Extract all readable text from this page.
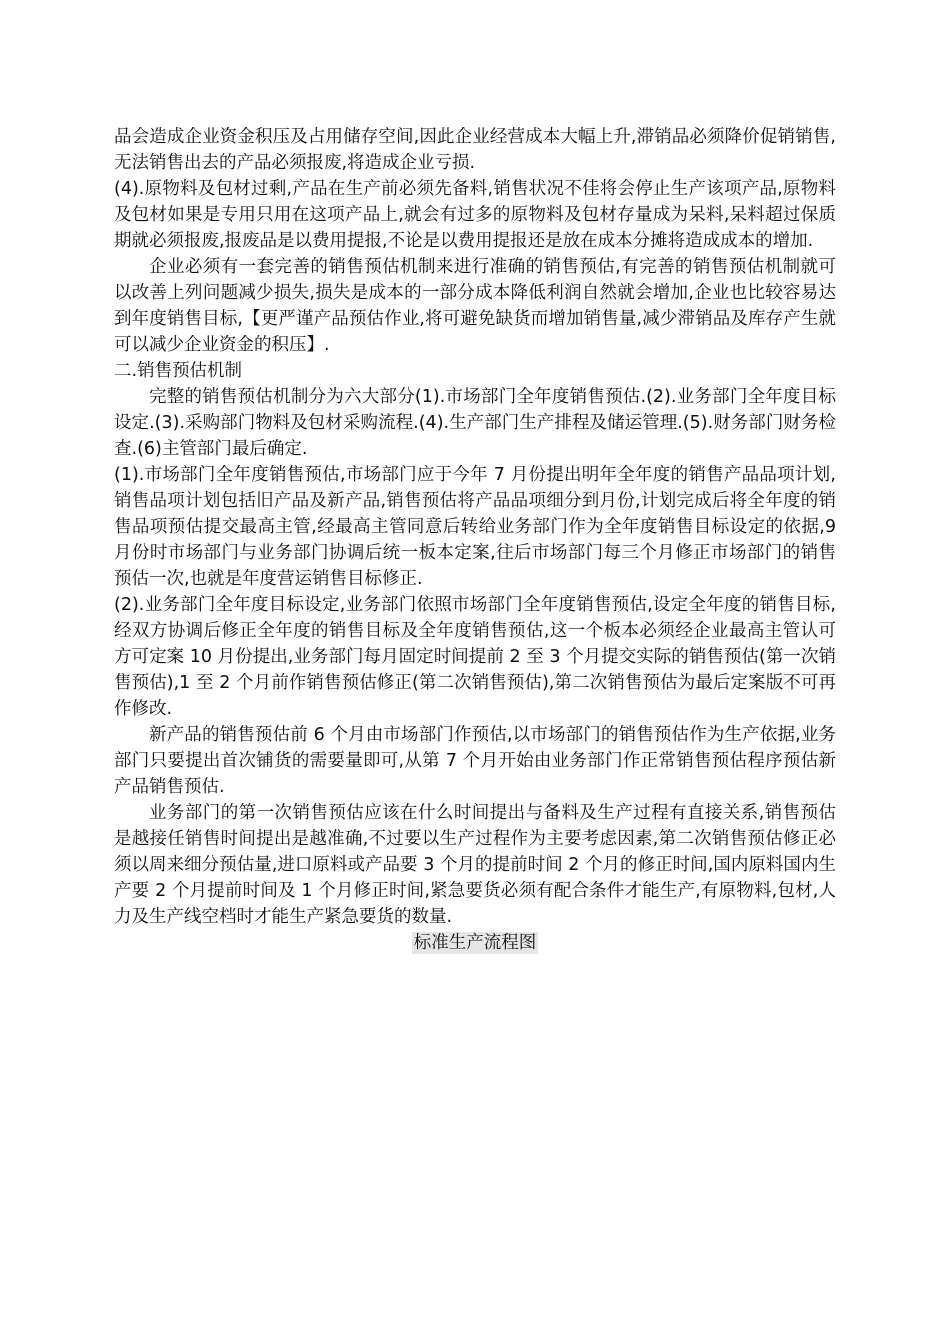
品会造成企业资金积压及占用储存空间,因此企业经营成本大幅上升,滞销品必须降价促销销售,无法销售出去的产品必须报废,将造成企业亏损.

(4).原物料及包材过剩,产品在生产前必须先备料,销售状况不佳将会停止生产该项产品,原物料及包材如果是专用只用在这项产品上,就会有过多的原物料及包材存量成为呆料,呆料超过保质期就必须报废,报废品是以费用提报,不论是以费用提报还是放在成本分摊将造成成本的增加.

企业必须有一套完善的销售预估机制来进行准确的销售预估,有完善的销售预估机制就可以改善上列问题减少损失,损失是成本的一部分成本降低利润自然就会增加,企业也比较容易达到年度销售目标,【更严谨产品预估作业,将可避免缺货而增加销售量,减少滞销品及库存产生就可以减少企业资金的积压】.

二.销售预估机制

完整的销售预估机制分为六大部分(1).市场部门全年度销售预估.(2).业务部门全年度目标设定.(3).采购部门物料及包材采购流程.(4).生产部门生产排程及储运管理.(5).财务部门财务检查.(6)主管部门最后确定.

(1).市场部门全年度销售预估,市场部门应于今年 7 月份提出明年全年度的销售产品品项计划,销售品项计划包括旧产品及新产品,销售预估将产品品项细分到月份,计划完成后将全年度的销售品项预估提交最高主管,经最高主管同意后转给业务部门作为全年度销售目标设定的依据,9 月份时市场部门与业务部门协调后统一板本定案,往后市场部门每三个月修正市场部门的销售预估一次,也就是年度营运销售目标修正.

(2).业务部门全年度目标设定,业务部门依照市场部门全年度销售预估,设定全年度的销售目标,经双方协调后修正全年度的销售目标及全年度销售预估,这一个板本必须经企业最高主管认可方可定案 10 月份提出,业务部门每月固定时间提前 2 至 3 个月提交实际的销售预估(第一次销售预估),1 至 2 个月前作销售预估修正(第二次销售预估),第二次销售预估为最后定案版不可再作修改.

新产品的销售预估前 6 个月由市场部门作预估,以市场部门的销售预估作为生产依据,业务部门只要提出首次铺货的需要量即可,从第 7 个月开始由业务部门作正常销售预估程序预估新产品销售预估.

业务部门的第一次销售预估应该在什么时间提出与备料及生产过程有直接关系,销售预估是越接任销售时间提出是越准确,不过要以生产过程作为主要考虑因素,第二次销售预估修正必须以周来细分预估量,进口原料或产品要 3 个月的提前时间 2 个月的修正时间,国内原料国内生产要 2 个月提前时间及 1 个月修正时间,紧急要货必须有配合条件才能生产,有原物料,包材,人力及生产线空档时才能生产紧急要货的数量.

标准生产流程图
